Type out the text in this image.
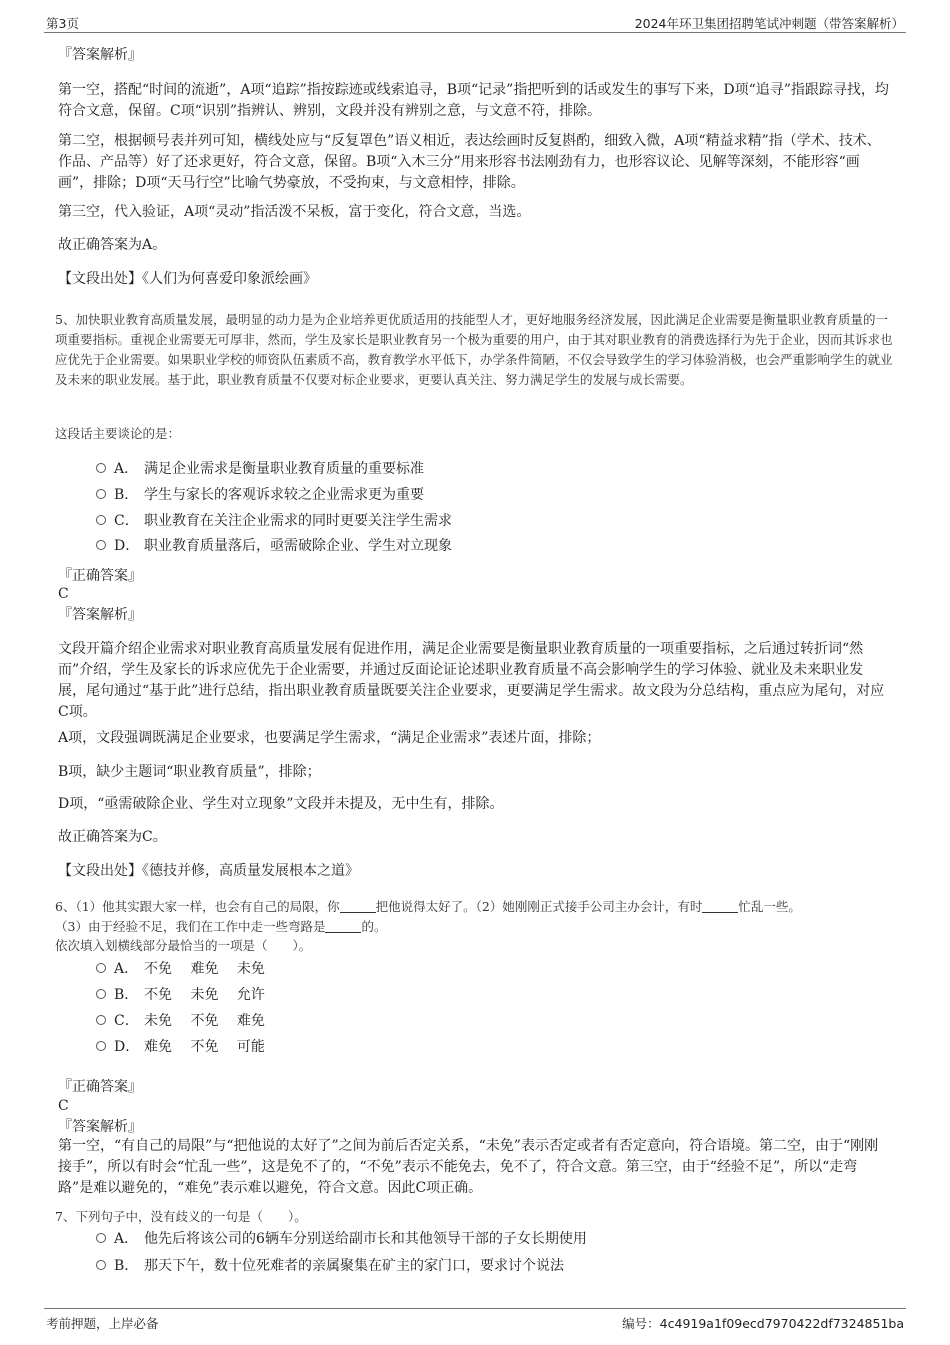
第3页	2024年环卫集团招聘笔试冲刺题（带答案解析）

『答案解析』

第一空，搭配“时间的流逝”，A项“追踪”指按踪迹或线索追寻，B项“记录”指把听到的话或发生的事写下来，D项“追寻”指跟踪寻找，均符合文意，保留。C项“识别”指辨认、辨别，文段并没有辨别之意，与文意不符，排除。

第二空，根据顿号表并列可知，横线处应与“反复罩色”语义相近，表达绘画时反复斟酌，细致入微，A项“精益求精”指（学术、技术、作品、产品等）好了还求更好，符合文意，保留。B项“入木三分”用来形容书法刚劲有力，也形容议论、见解等深刻，不能形容“画画”，排除；D项“天马行空”比喻气势豪放，不受拘束，与文意相悖，排除。

第三空，代入验证，A项“灵动”指活泼不呆板，富于变化，符合文意，当选。

故正确答案为A。

【文段出处】《人们为何喜爱印象派绘画》

5、加快职业教育高质量发展，最明显的动力是为企业培养更优质适用的技能型人才，更好地服务经济发展，因此满足企业需要是衡量职业教育质量的一项重要指标。重视企业需要无可厚非，然而，学生及家长是职业教育另一个极为重要的用户，由于其对职业教育的消费选择行为先于企业，因而其诉求也应优先于企业需要。如果职业学校的师资队伍素质不高，教育教学水平低下，办学条件简陋，不仅会导致学生的学习体验消极，也会严重影响学生的就业及未来的职业发展。基于此，职业教育质量不仅要对标企业要求，更要认真关注、努力满足学生的发展与成长需要。

这段话主要谈论的是：

A． 满足企业需求是衡量职业教育质量的重要标准
B． 学生与家长的客观诉求较之企业需求更为重要
C． 职业教育在关注企业需求的同时更要关注学生需求
D． 职业教育质量落后，亟需破除企业、学生对立现象

『正确答案』

C

『答案解析』

文段开篇介绍企业需求对职业教育高质量发展有促进作用，满足企业需要是衡量职业教育质量的一项重要指标，之后通过转折词“然而”介绍，学生及家长的诉求应优先于企业需要，并通过反面论证论述职业教育质量不高会影响学生的学习体验、就业及未来职业发展，尾句通过“基于此”进行总结，指出职业教育质量既要关注企业要求，更要满足学生需求。故文段为分总结构，重点应为尾句，对应C项。

A项，文段强调既满足企业要求，也要满足学生需求，“满足企业需求”表述片面，排除；

B项，缺少主题词“职业教育质量”，排除；

D项，“亟需破除企业、学生对立现象”文段并未提及，无中生有，排除。

故正确答案为C。

【文段出处】《德技并修，高质量发展根本之道》

6、（1）他其实跟大家一样，也会有自己的局限，你	把他说得太好了。（2）她刚刚正式接手公司主办会计，有时	忙乱一些。
（3）由于经验不足，我们在工作中走一些弯路是	的。

依次填入划横线部分最恰当的一项是（　　）。

A． 不免　 难免　 未免
B． 不免　 未免　 允许
C． 未免　 不免　 难免
D． 难免　 不免　 可能

『正确答案』

C

『答案解析』

第一空，“有自己的局限”与“把他说的太好了”之间为前后否定关系，“未免”表示否定或者有否定意向，符合语境。第二空，由于“刚刚接手”，所以有时会“忙乱一些”，这是免不了的，“不免”表示不能免去，免不了，符合文意。第三空，由于“经验不足”，所以“走弯路”是难以避免的，“难免”表示难以避免，符合文意。因此C项正确。

7、下列句子中，没有歧义的一句是（　　）。

A． 他先后将该公司的6辆车分别送给副市长和其他领导干部的子女长期使用
B． 那天下午，数十位死难者的亲属聚集在矿主的家门口，要求讨个说法
考前押题，上岸必备	编号：4c4919a1f09ecd7970422df7324851ba
